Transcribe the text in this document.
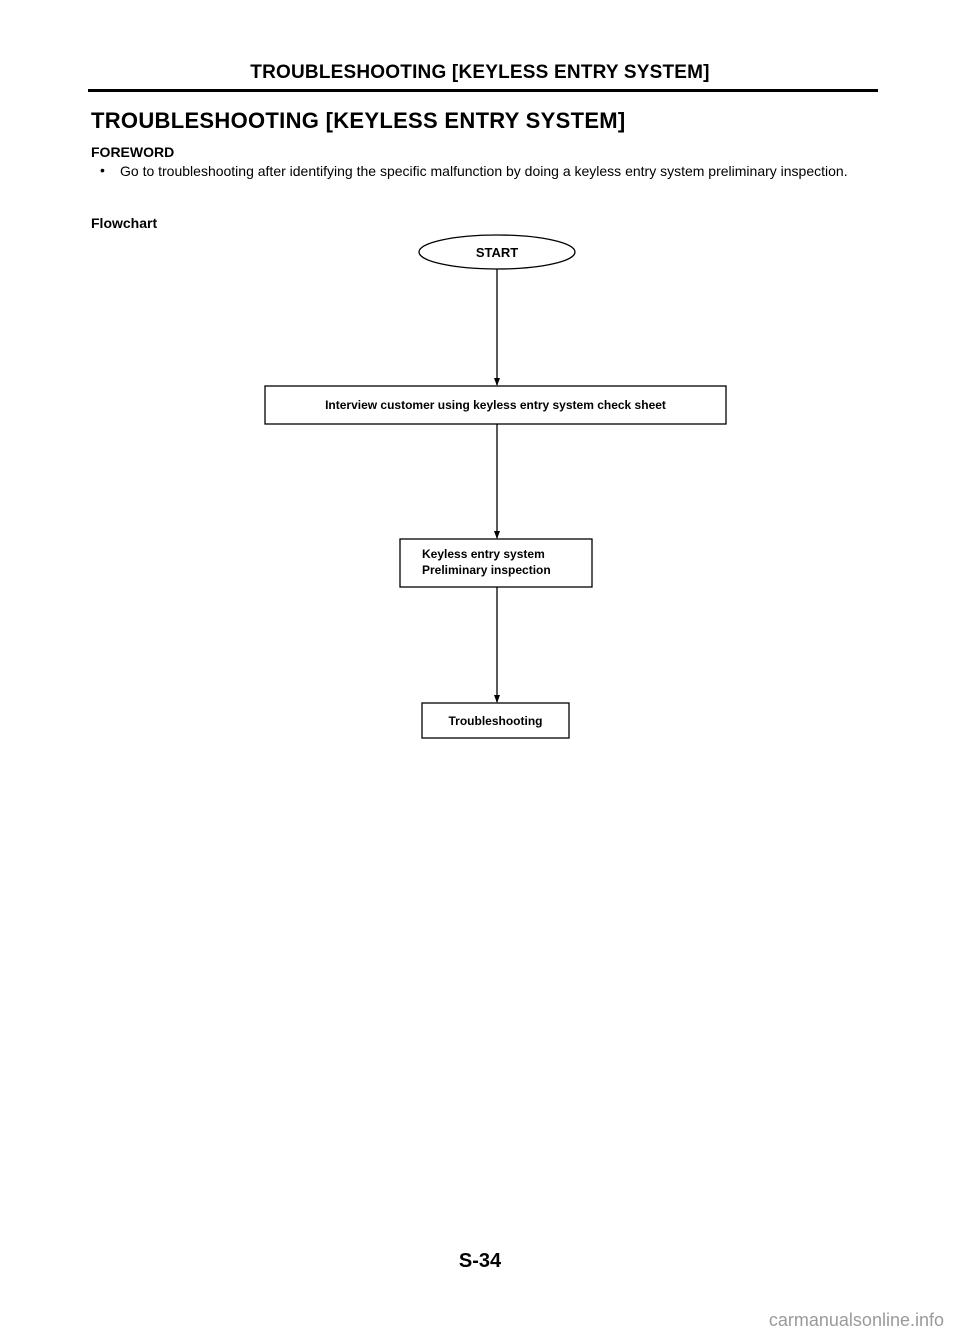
TROUBLESHOOTING [KEYLESS ENTRY SYSTEM]
TROUBLESHOOTING [KEYLESS ENTRY SYSTEM]
FOREWORD
• Go to troubleshooting after identifying the specific malfunction by doing a keyless entry system preliminary inspection.
Flowchart
START
Interview customer using keyless entry system check sheet
Keyless entry system
Preliminary inspection
Troubleshooting
S-34
carmanualsonline.info
